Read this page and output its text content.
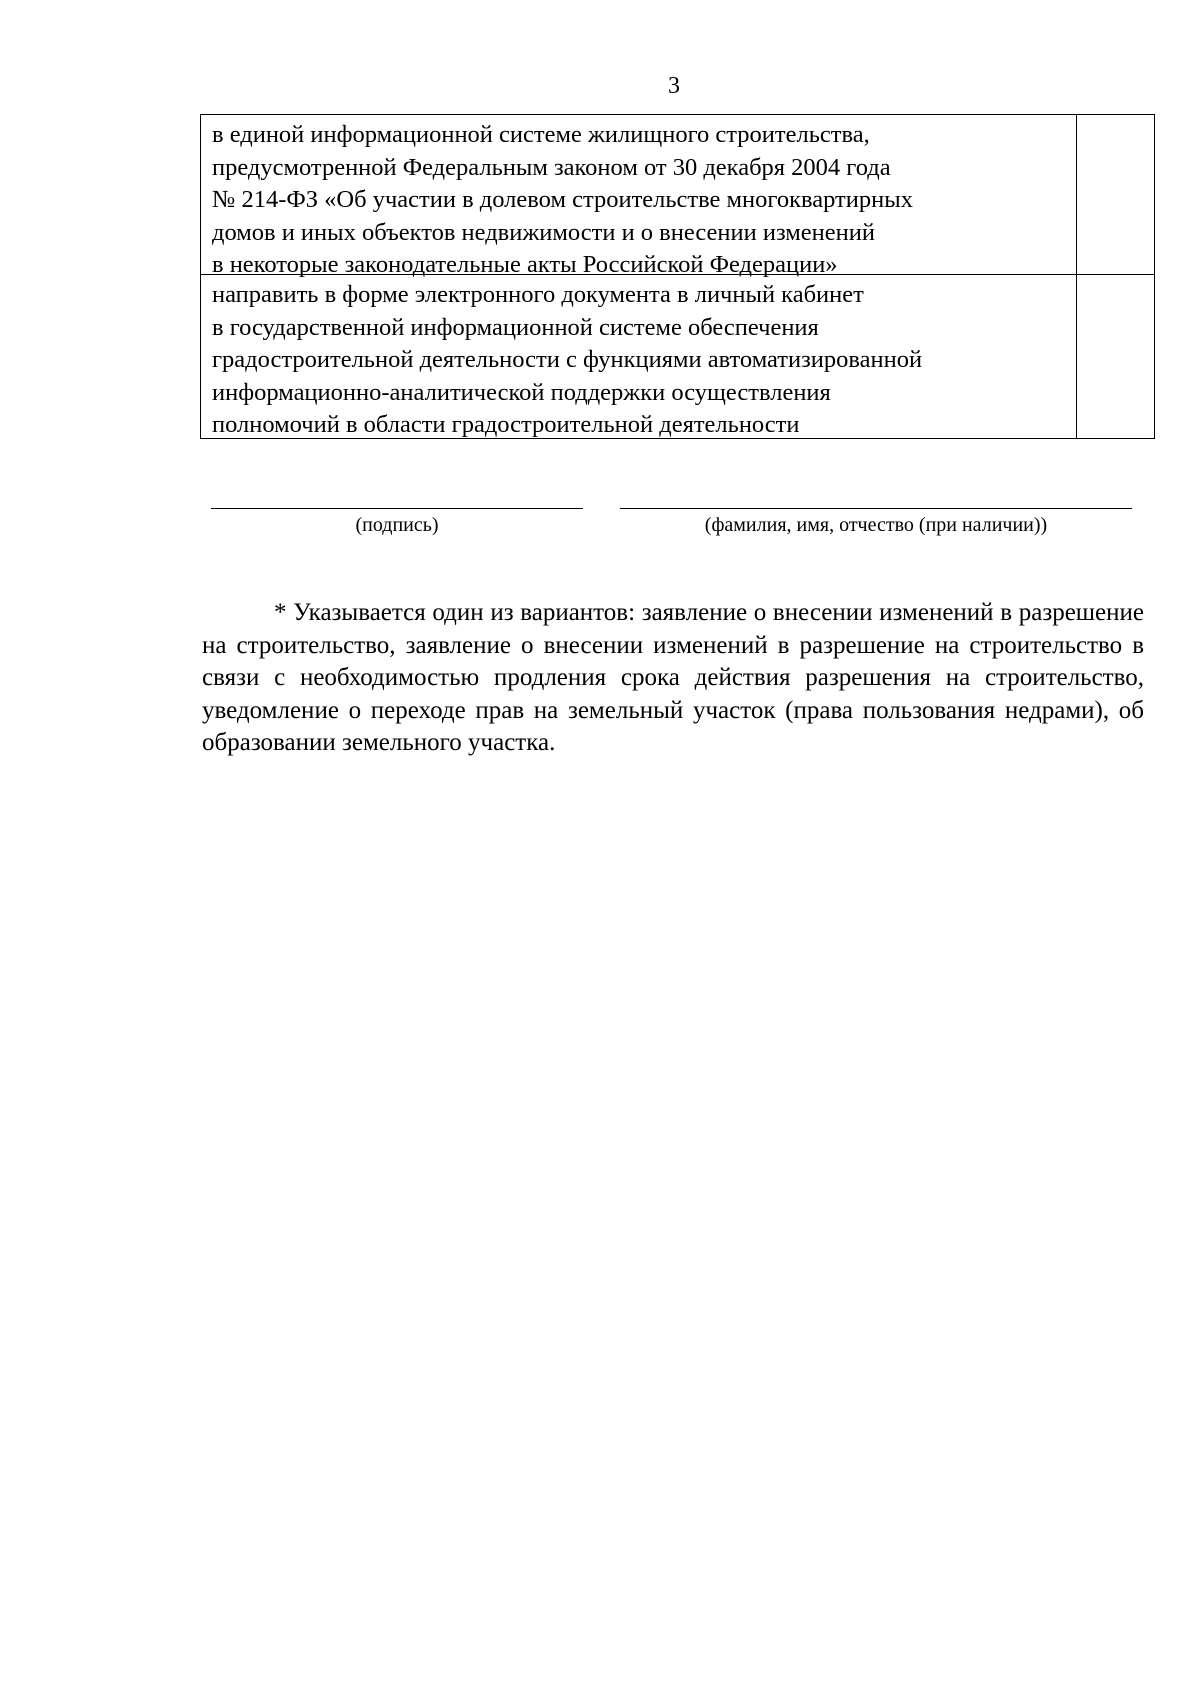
3
в единой информационной системе жилищного строительства,
предусмотренной Федеральным законом от 30 декабря 2004 года
№ 214-ФЗ «Об участии в долевом строительстве многоквартирных
домов и иных объектов недвижимости и о внесении изменений
в некоторые законодательные акты Российской Федерации»	

направить в форме электронного документа в личный кабинет
в государственной информационной системе обеспечения
градостроительной деятельности с функциями автоматизированной
информационно-аналитической поддержки осуществления
полномочий в области градостроительной деятельности	

(подпись)	(фамилия, имя, отчество (при наличии))

* Указывается один из вариантов: заявление о внесении изменений в разрешение на строительство, заявление о внесении изменений в разрешение на строительство в связи с необходимостью продления срока действия разрешения на строительство, уведомление о переходе прав на земельный участок (права пользования недрами), об образовании земельного участка.
